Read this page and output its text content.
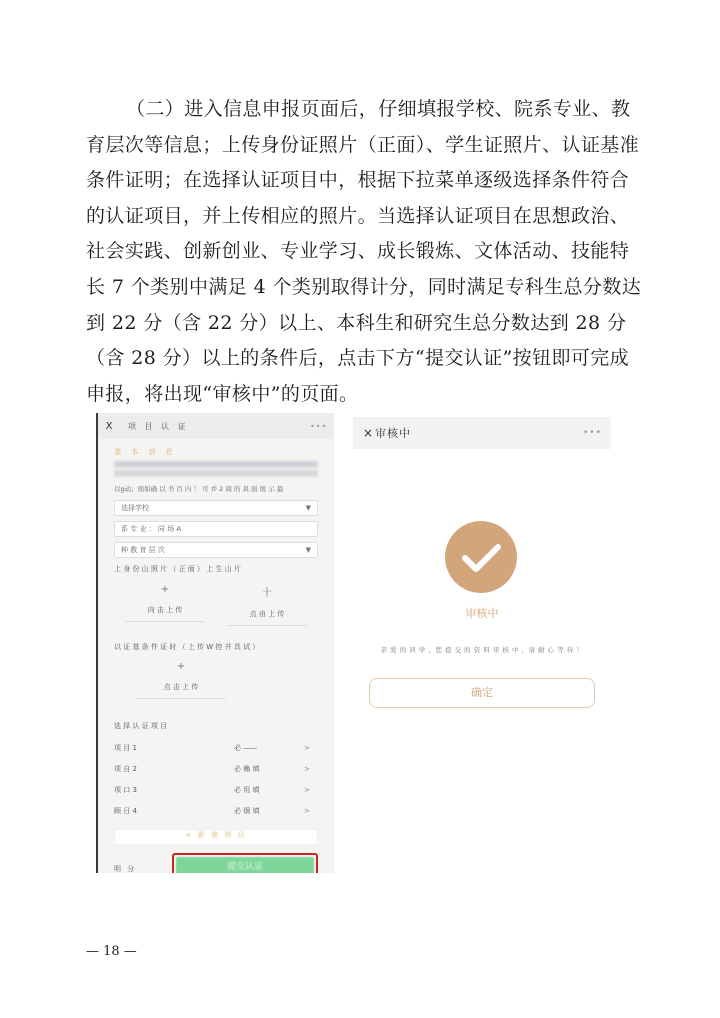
（二）进入信息申报页面后，仔细填报学校、院系专业、教 育层次等信息；上传身份证照片（正面）、学生证照片、认证基准条件证明；在选择认证项目中，根据下拉菜单逐级选择条件符合的认证项目，并上传相应的照片。当选择认证项目在思想政治、社会实践、创新创业、专业学习、成长锻炼、文体活动、技能特长 7 个类别中满足 4 个类别取得计分，同时满足专科生总分数达到 22 分（含 22 分）以上、本科生和研究生总分数达到 28 分（含 28 分）以上的条件后，点击下方“提交认证”按钮即可完成申报，将出现“审核中”的页面。
X	项 目 认 证	•••
基 本 信 息
以g动；面如确 以 书 百 内 ！ 可 并 2 阅 的 具 面 展 示 最
选择学校	▼
系 专 业 ： 同 场 A
种 教 育 层 次	▼
上 身 份 山 照 片 （ 正 面 ） 上 生 山 片
+
向 击 上 传
十
点 由 上 传
以 证 基 条 件 证 时 （ 上 传 W 控 并 具 试 ）
+
点 击 上 传
选 择 认 证 项 目
项 目 1	必 ——	>
项 自 2	必 賴 填	>
项 口 3	必 用 填	>
顾 日 4	必 炯 填	>
+ 新 增 项 目
明 分	提交认证
× 审核中	•••
审核中
亲 爱 的 同 学 ，您 提 交 的 资 料 审 核 中 ，请 耐 心 等 待 ！
确定
— 18 —
